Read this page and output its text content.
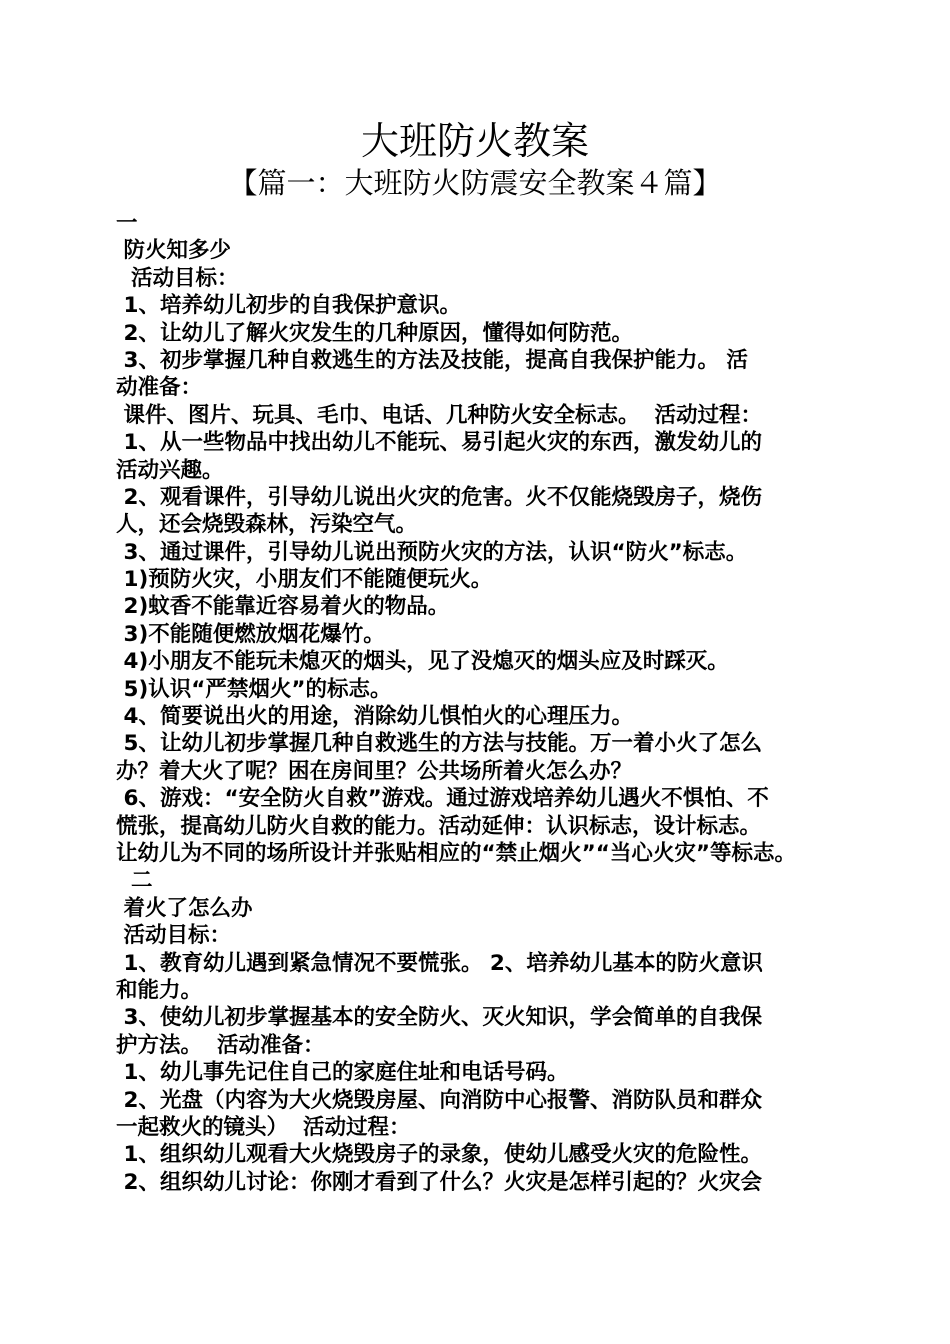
大班防火教案
【篇一：大班防火防震安全教案４篇】
一
防火知多少
活动目标：
1、培养幼儿初步的自我保护意识。
2、让幼儿了解火灾发生的几种原因，懂得如何防范。
3、初步掌握几种自救逃生的方法及技能，提高自我保护能力。 活
动准备：
课件、图片、玩具、毛巾、电话、几种防火安全标志。  活动过程：
1、从一些物品中找出幼儿不能玩、易引起火灾的东西，激发幼儿的
活动兴趣。
2、观看课件，引导幼儿说出火灾的危害。火不仅能烧毁房子，烧伤
人，还会烧毁森林，污染空气。
3、通过课件，引导幼儿说出预防火灾的方法，认识“防火”标志。
1)预防火灾，小朋友们不能随便玩火。
2)蚊香不能靠近容易着火的物品。
3)不能随便燃放烟花爆竹。
4)小朋友不能玩未熄灭的烟头，见了没熄灭的烟头应及时踩灭。
5)认识“严禁烟火”的标志。
4、简要说出火的用途，消除幼儿惧怕火的心理压力。
5、让幼儿初步掌握几种自救逃生的方法与技能。万一着小火了怎么
办？着大火了呢？困在房间里？公共场所着火怎么办？
6、游戏：“安全防火自救”游戏。通过游戏培养幼儿遇火不惧怕、不
慌张，提高幼儿防火自救的能力。活动延伸：认识标志，设计标志。
让幼儿为不同的场所设计并张贴相应的“禁止烟火”“当心火灾”等标志。
二
着火了怎么办
活动目标：
1、教育幼儿遇到紧急情况不要慌张。 2、培养幼儿基本的防火意识
和能力。
3、使幼儿初步掌握基本的安全防火、灭火知识，学会简单的自我保
护方法。  活动准备：
1、幼儿事先记住自己的家庭住址和电话号码。
2、光盘（内容为大火烧毁房屋、向消防中心报警、消防队员和群众
一起救火的镜头）  活动过程：
1、组织幼儿观看大火烧毁房子的录象，使幼儿感受火灾的危险性。
2、组织幼儿讨论：你刚才看到了什么？火灾是怎样引起的？火灾会
